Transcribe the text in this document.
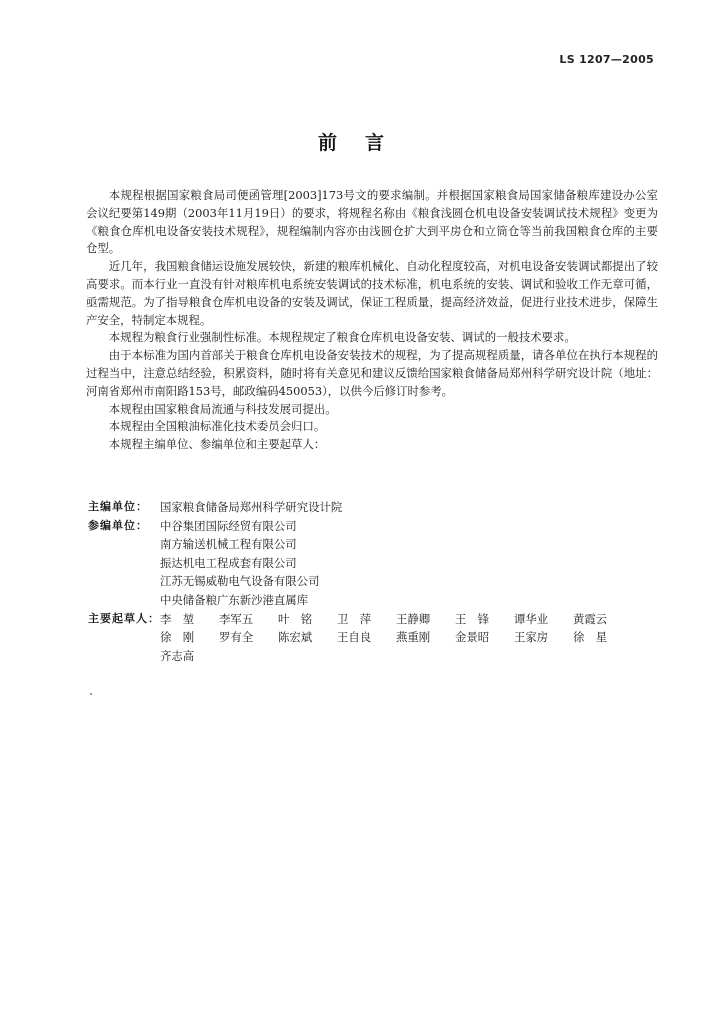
LS 1207—2005
前言

本规程根据国家粮食局司便函管理[2003]173号文的要求编制。并根据国家粮食局国家储备粮库建设办公室会议纪要第149期（2003年11月19日）的要求，将规程名称由《粮食浅圆仓机电设备安装调试技术规程》变更为《粮食仓库机电设备安装技术规程》，规程编制内容亦由浅圆仓扩大到平房仓和立筒仓等当前我国粮食仓库的主要仓型。

近几年，我国粮食储运设施发展较快，新建的粮库机械化、自动化程度较高，对机电设备安装调试都提出了较高要求。而本行业一直没有针对粮库机电系统安装调试的技术标准，机电系统的安装、调试和验收工作无章可循，亟需规范。为了指导粮食仓库机电设备的安装及调试，保证工程质量，提高经济效益，促进行业技术进步，保障生产安全，特制定本规程。

本规程为粮食行业强制性标准。本规程规定了粮食仓库机电设备安装、调试的一般技术要求。

由于本标准为国内首部关于粮食仓库机电设备安装技术的规程，为了提高规程质量，请各单位在执行本规程的过程当中，注意总结经验，积累资料，随时将有关意见和建议反馈给国家粮食储备局郑州科学研究设计院（地址：河南省郑州市南阳路153号，邮政编码450053），以供今后修订时参考。

本规程由国家粮食局流通与科技发展司提出。

本规程由全国粮油标准化技术委员会归口。

本规程主编单位、参编单位和主要起草人：

主编单位：	国家粮食储备局郑州科学研究设计院
参编单位：	中谷集团国际经贸有限公司
南方输送机械工程有限公司
振达机电工程成套有限公司
江苏无锡威勒电气设备有限公司
中央储备粮广东新沙港直属库
主要起草人： 李　堃	李军五	叶　铭	卫　萍	王静卿	王　锋	谭华业	黄霞云
徐　刚	罗有全	陈宏斌	王自良	燕重刚	金景昭	王家房	徐　星
齐志高
